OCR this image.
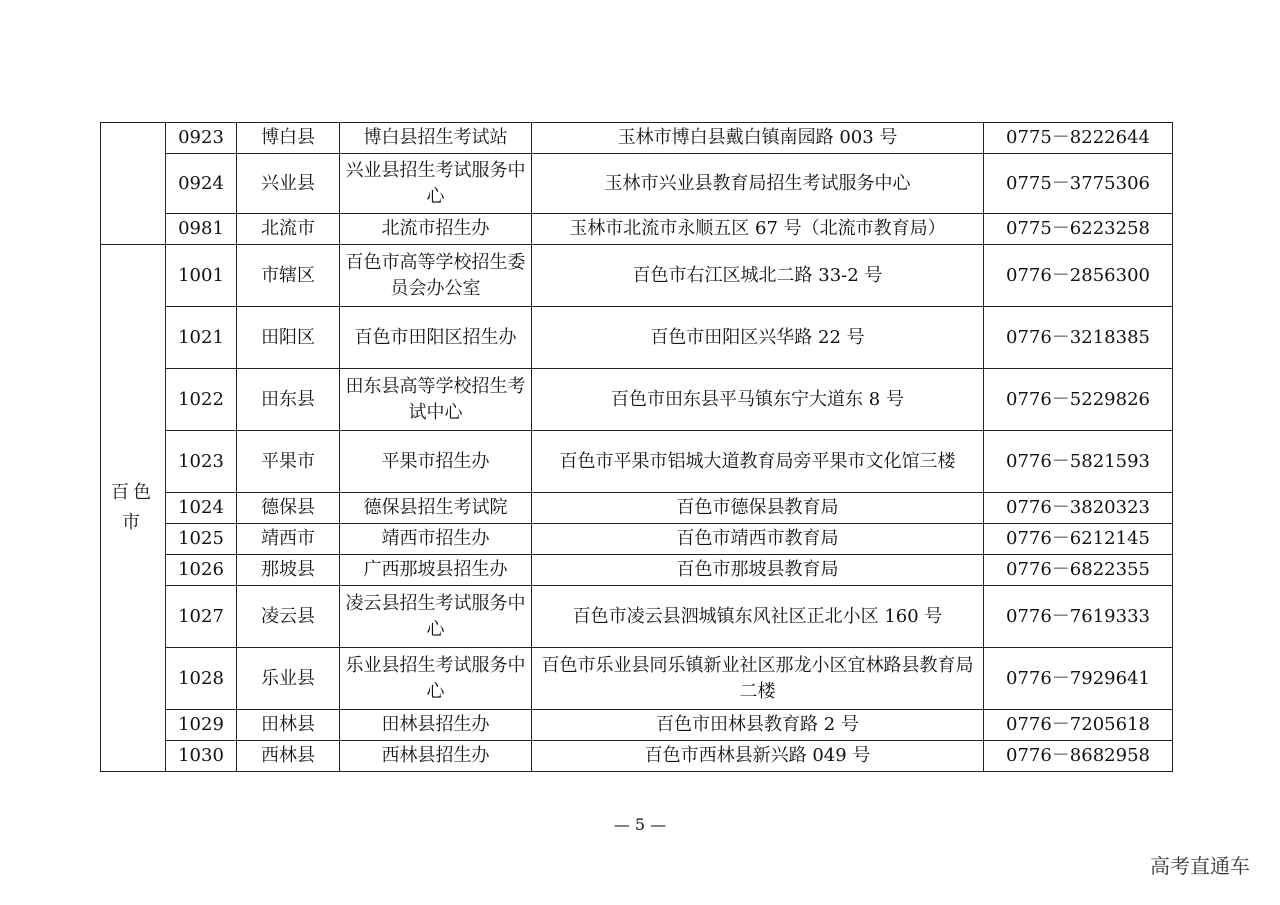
	0923	博白县	博白县招生考试站	玉林市博白县戴白镇南园路 003 号	0775－8222644
	0924	兴业县	兴业县招生考试服务中心	玉林市兴业县教育局招生考试服务中心	0775－3775306
	0981	北流市	北流市招生办	玉林市北流市永顺五区 67 号（北流市教育局）	0775－6223258
百色市	1001	市辖区	百色市高等学校招生委员会办公室	百色市右江区城北二路 33-2 号	0776－2856300
	1021	田阳区	百色市田阳区招生办	百色市田阳区兴华路 22 号	0776－3218385
	1022	田东县	田东县高等学校招生考试中心	百色市田东县平马镇东宁大道东 8 号	0776－5229826
	1023	平果市	平果市招生办	百色市平果市铝城大道教育局旁平果市文化馆三楼	0776－5821593
	1024	德保县	德保县招生考试院	百色市德保县教育局	0776－3820323
	1025	靖西市	靖西市招生办	百色市靖西市教育局	0776－6212145
	1026	那坡县	广西那坡县招生办	百色市那坡县教育局	0776－6822355
	1027	凌云县	凌云县招生考试服务中心	百色市凌云县泗城镇东风社区正北小区 160 号	0776－7619333
	1028	乐业县	乐业县招生考试服务中心	百色市乐业县同乐镇新业社区那龙小区宜林路县教育局二楼	0776－7929641
	1029	田林县	田林县招生办	百色市田林县教育路 2 号	0776－7205618
	1030	西林县	西林县招生办	百色市西林县新兴路 049 号	0776－8682958
— 5 —
高考直通车
